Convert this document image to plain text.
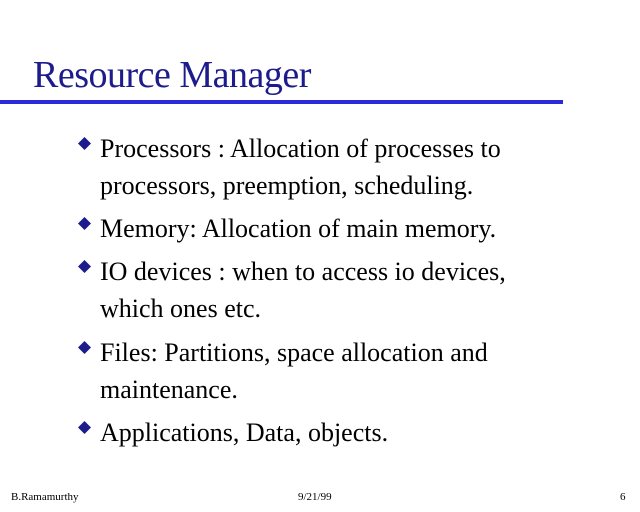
Resource Manager
Processors : Allocation of processes to
processors, preemption, scheduling.
Memory: Allocation of main memory.
IO devices : when to access io devices,
which ones etc.
Files: Partitions, space allocation and
maintenance.
Applications, Data, objects.
B.Ramamurthy	9/21/99	6
